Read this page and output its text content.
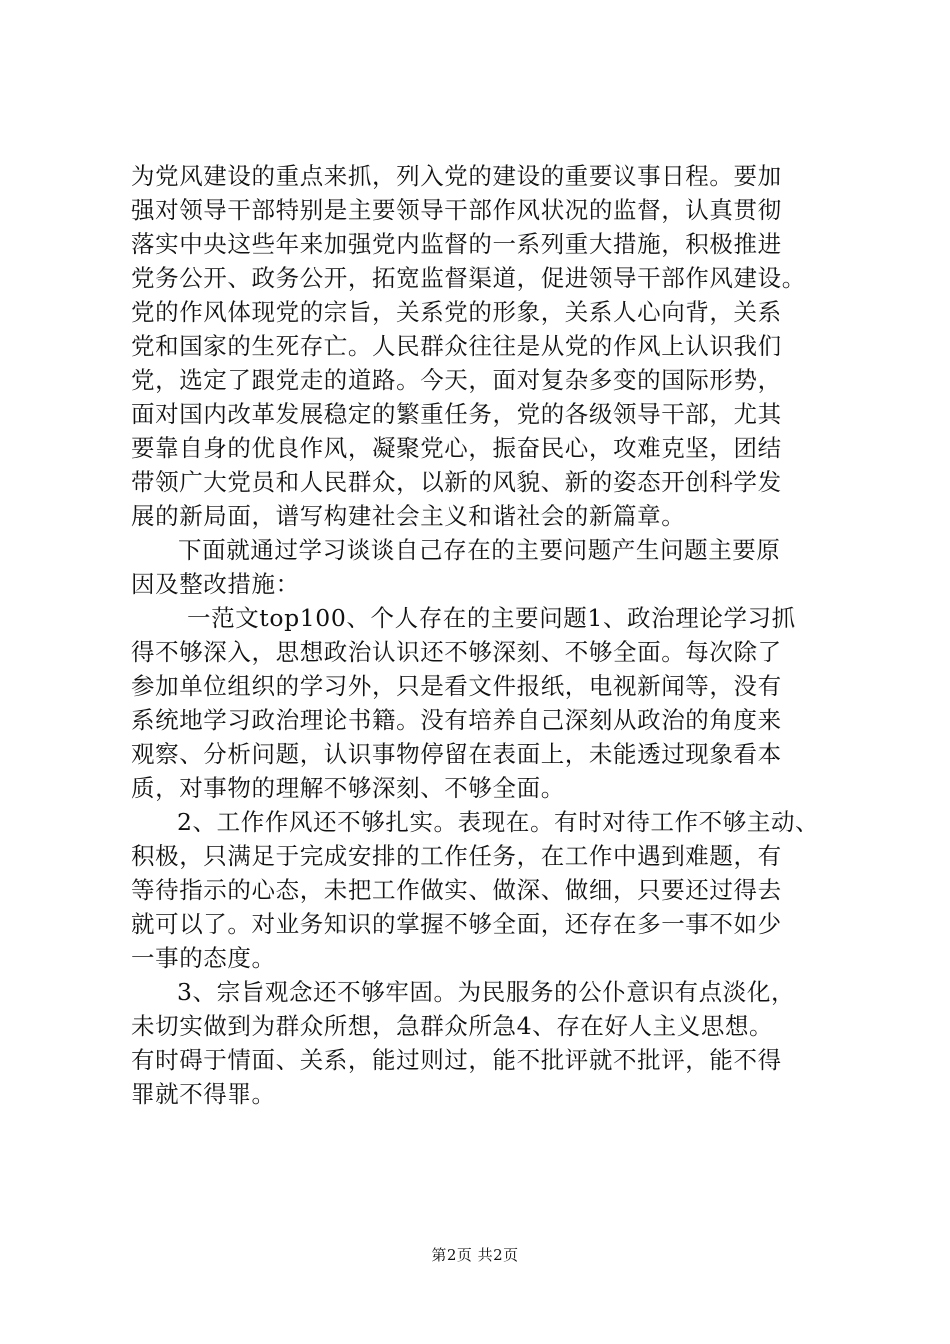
为党风建设的重点来抓，列入党的建设的重要议事日程。要加
强对领导干部特别是主要领导干部作风状况的监督，认真贯彻
落实中央这些年来加强党内监督的一系列重大措施，积极推进
党务公开、政务公开，拓宽监督渠道，促进领导干部作风建设。
党的作风体现党的宗旨，关系党的形象，关系人心向背，关系
党和国家的生死存亡。人民群众往往是从党的作风上认识我们
党，选定了跟党走的道路。今天，面对复杂多变的国际形势，
面对国内改革发展稳定的繁重任务，党的各级领导干部，尤其
要靠自身的优良作风，凝聚党心，振奋民心，攻难克坚，团结
带领广大党员和人民群众，以新的风貌、新的姿态开创科学发
展的新局面，谱写构建社会主义和谐社会的新篇章。
下面就通过学习谈谈自己存在的主要问题产生问题主要原
因及整改措施：
一范文top100、个人存在的主要问题1、政治理论学习抓
得不够深入，思想政治认识还不够深刻、不够全面。每次除了
参加单位组织的学习外，只是看文件报纸，电视新闻等，没有
系统地学习政治理论书籍。没有培养自己深刻从政治的角度来
观察、分析问题，认识事物停留在表面上，未能透过现象看本
质，对事物的理解不够深刻、不够全面。
2、工作作风还不够扎实。表现在。有时对待工作不够主动、
积极，只满足于完成安排的工作任务，在工作中遇到难题，有
等待指示的心态，未把工作做实、做深、做细，只要还过得去
就可以了。对业务知识的掌握不够全面，还存在多一事不如少
一事的态度。
3、宗旨观念还不够牢固。为民服务的公仆意识有点淡化，
未切实做到为群众所想，急群众所急4、存在好人主义思想。
有时碍于情面、关系，能过则过，能不批评就不批评，能不得
罪就不得罪。
第2页 共2页
